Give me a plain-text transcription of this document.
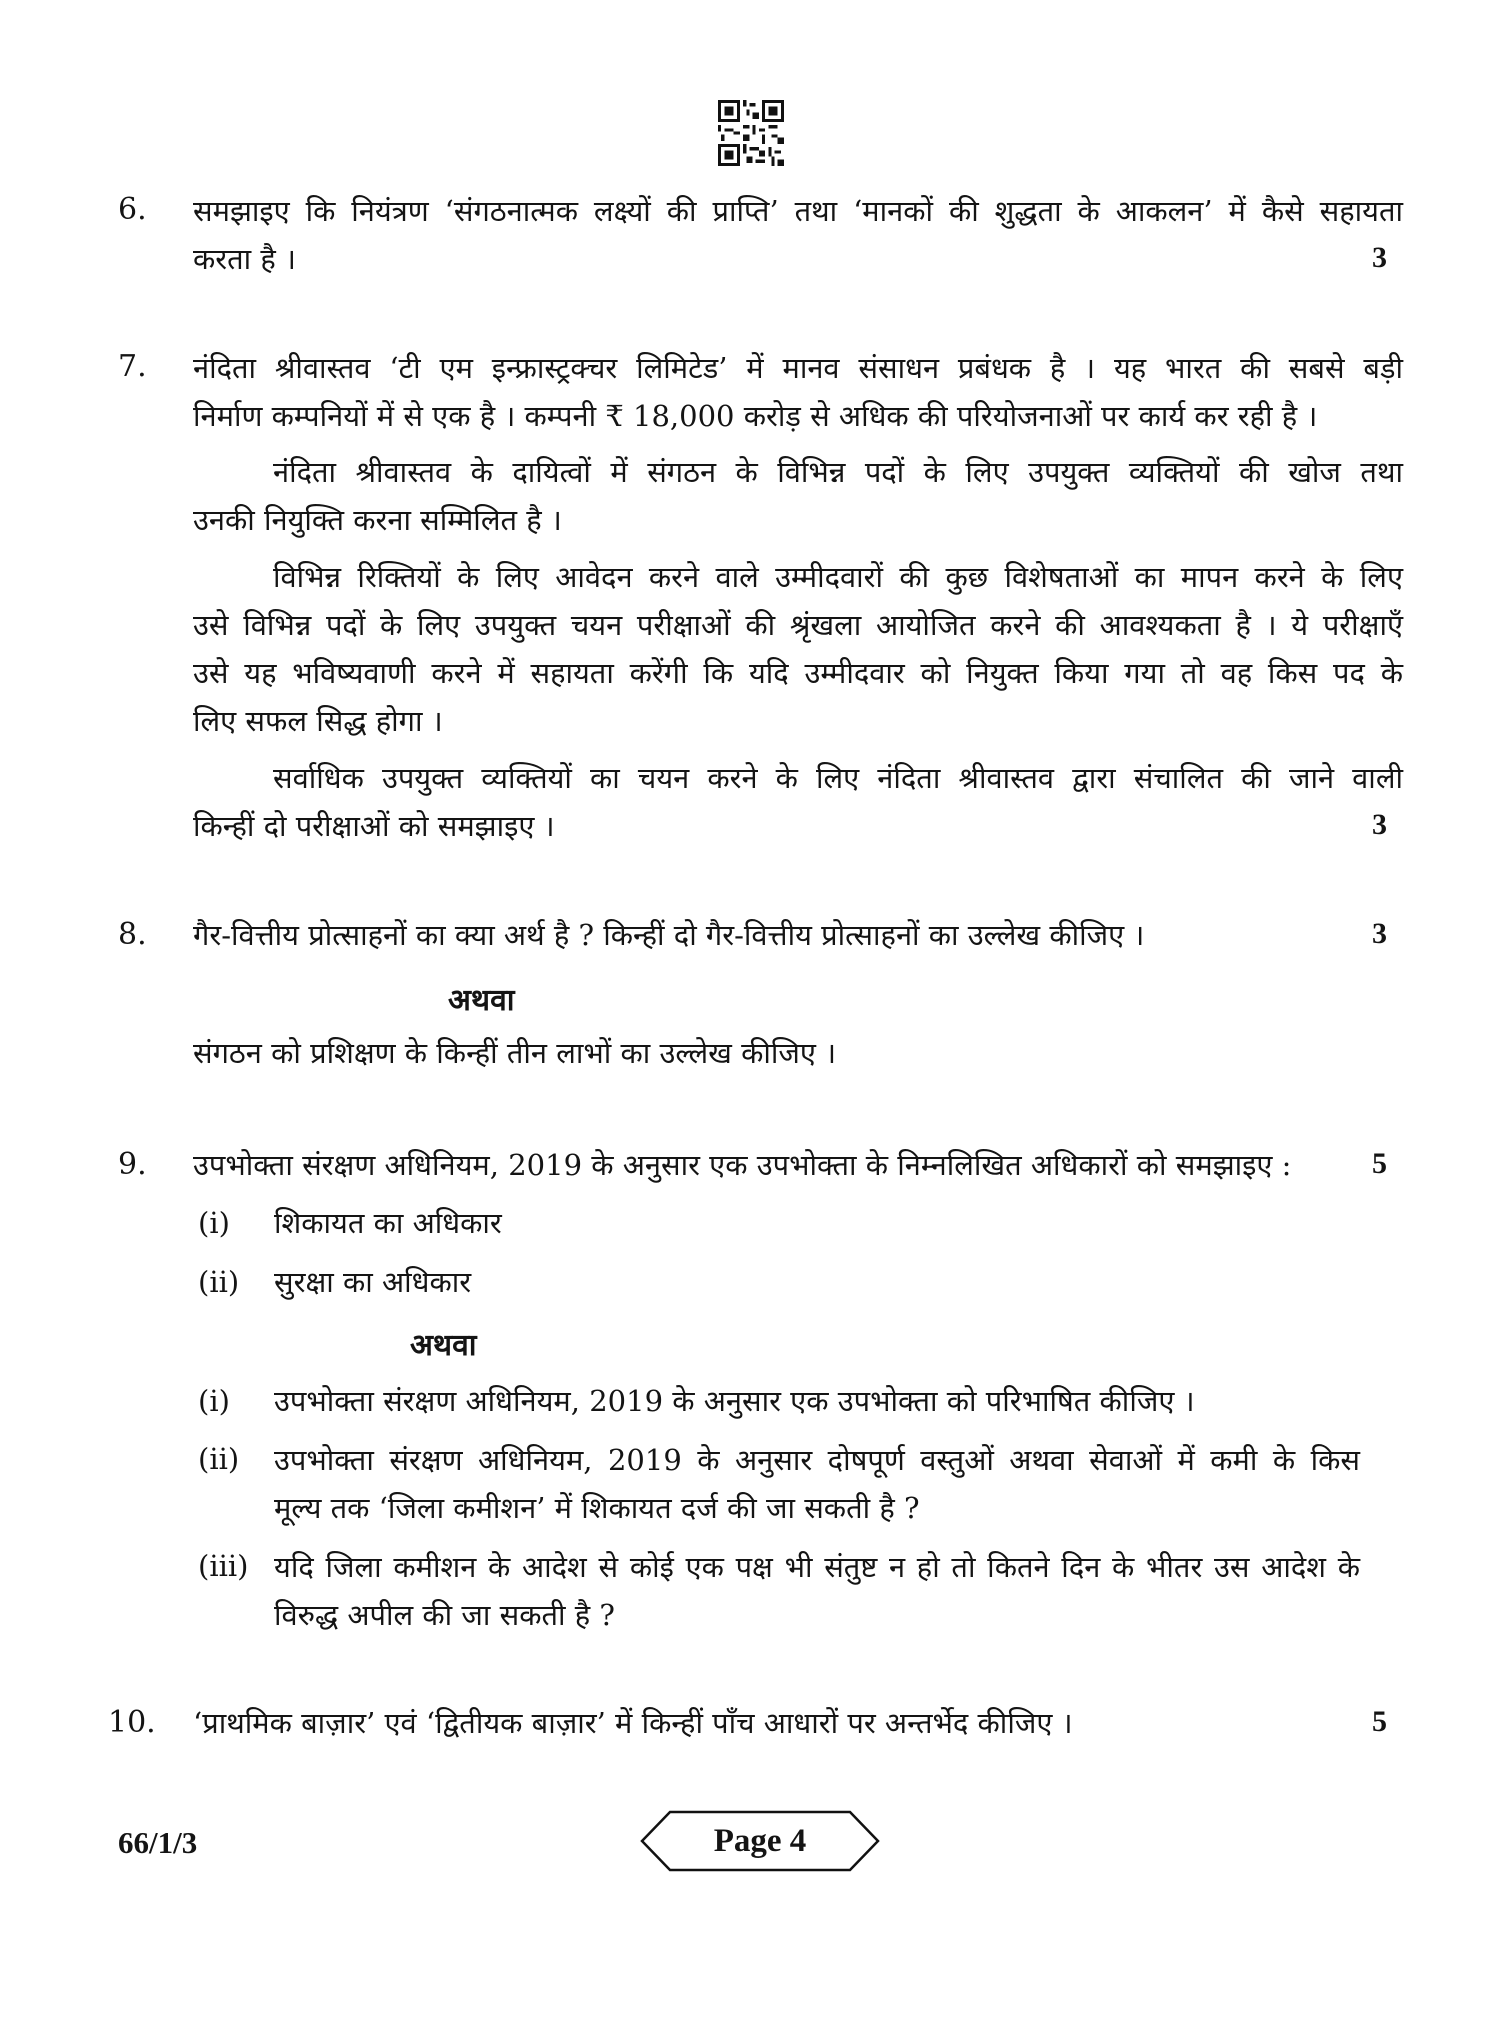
6. समझाइए कि नियंत्रण ‘संगठनात्मक लक्ष्यों की प्राप्ति’ तथा ‘मानकों की शुद्धता के आकलन’ में कैसे सहायता
करता है ।	3
7. नंदिता श्रीवास्तव ‘टी एम इन्फ्रास्ट्रक्चर लिमिटेड’ में मानव संसाधन प्रबंधक है । यह भारत की सबसे बड़ी
निर्माण कम्पनियों में से एक है । कम्पनी ₹ 18,000 करोड़ से अधिक की परियोजनाओं पर कार्य कर रही है ।
नंदिता श्रीवास्तव के दायित्वों में संगठन के विभिन्न पदों के लिए उपयुक्त व्यक्तियों की खोज तथा
उनकी नियुक्ति करना सम्मिलित है ।
विभिन्न रिक्तियों के लिए आवेदन करने वाले उम्मीदवारों की कुछ विशेषताओं का मापन करने के लिए
उसे विभिन्न पदों के लिए उपयुक्त चयन परीक्षाओं की श्रृंखला आयोजित करने की आवश्यकता है । ये परीक्षाएँ
उसे यह भविष्यवाणी करने में सहायता करेंगी कि यदि उम्मीदवार को नियुक्त किया गया तो वह किस पद के
लिए सफल सिद्ध होगा ।
सर्वाधिक उपयुक्त व्यक्तियों का चयन करने के लिए नंदिता श्रीवास्तव द्वारा संचालित की जाने वाली
किन्हीं दो परीक्षाओं को समझाइए ।	3
8. गैर-वित्तीय प्रोत्साहनों का क्या अर्थ है ? किन्हीं दो गैर-वित्तीय प्रोत्साहनों का उल्लेख कीजिए ।	3
अथवा
संगठन को प्रशिक्षण के किन्हीं तीन लाभों का उल्लेख कीजिए ।
9. उपभोक्ता संरक्षण अधिनियम, 2019 के अनुसार एक उपभोक्ता के निम्नलिखित अधिकारों को समझाइए :	5
(i) शिकायत का अधिकार
(ii) सुरक्षा का अधिकार
अथवा
(i) उपभोक्ता संरक्षण अधिनियम, 2019 के अनुसार एक उपभोक्ता को परिभाषित कीजिए ।
(ii) उपभोक्ता संरक्षण अधिनियम, 2019 के अनुसार दोषपूर्ण वस्तुओं अथवा सेवाओं में कमी के किस
मूल्य तक ‘जिला कमीशन’ में शिकायत दर्ज की जा सकती है ?
(iii) यदि जिला कमीशन के आदेश से कोई एक पक्ष भी संतुष्ट न हो तो कितने दिन के भीतर उस आदेश के
विरुद्ध अपील की जा सकती है ?
10. ‘प्राथमिक बाज़ार’ एवं ‘द्वितीयक बाज़ार’ में किन्हीं पाँच आधारों पर अन्तर्भेद कीजिए ।	5
66/1/3	Page 4
